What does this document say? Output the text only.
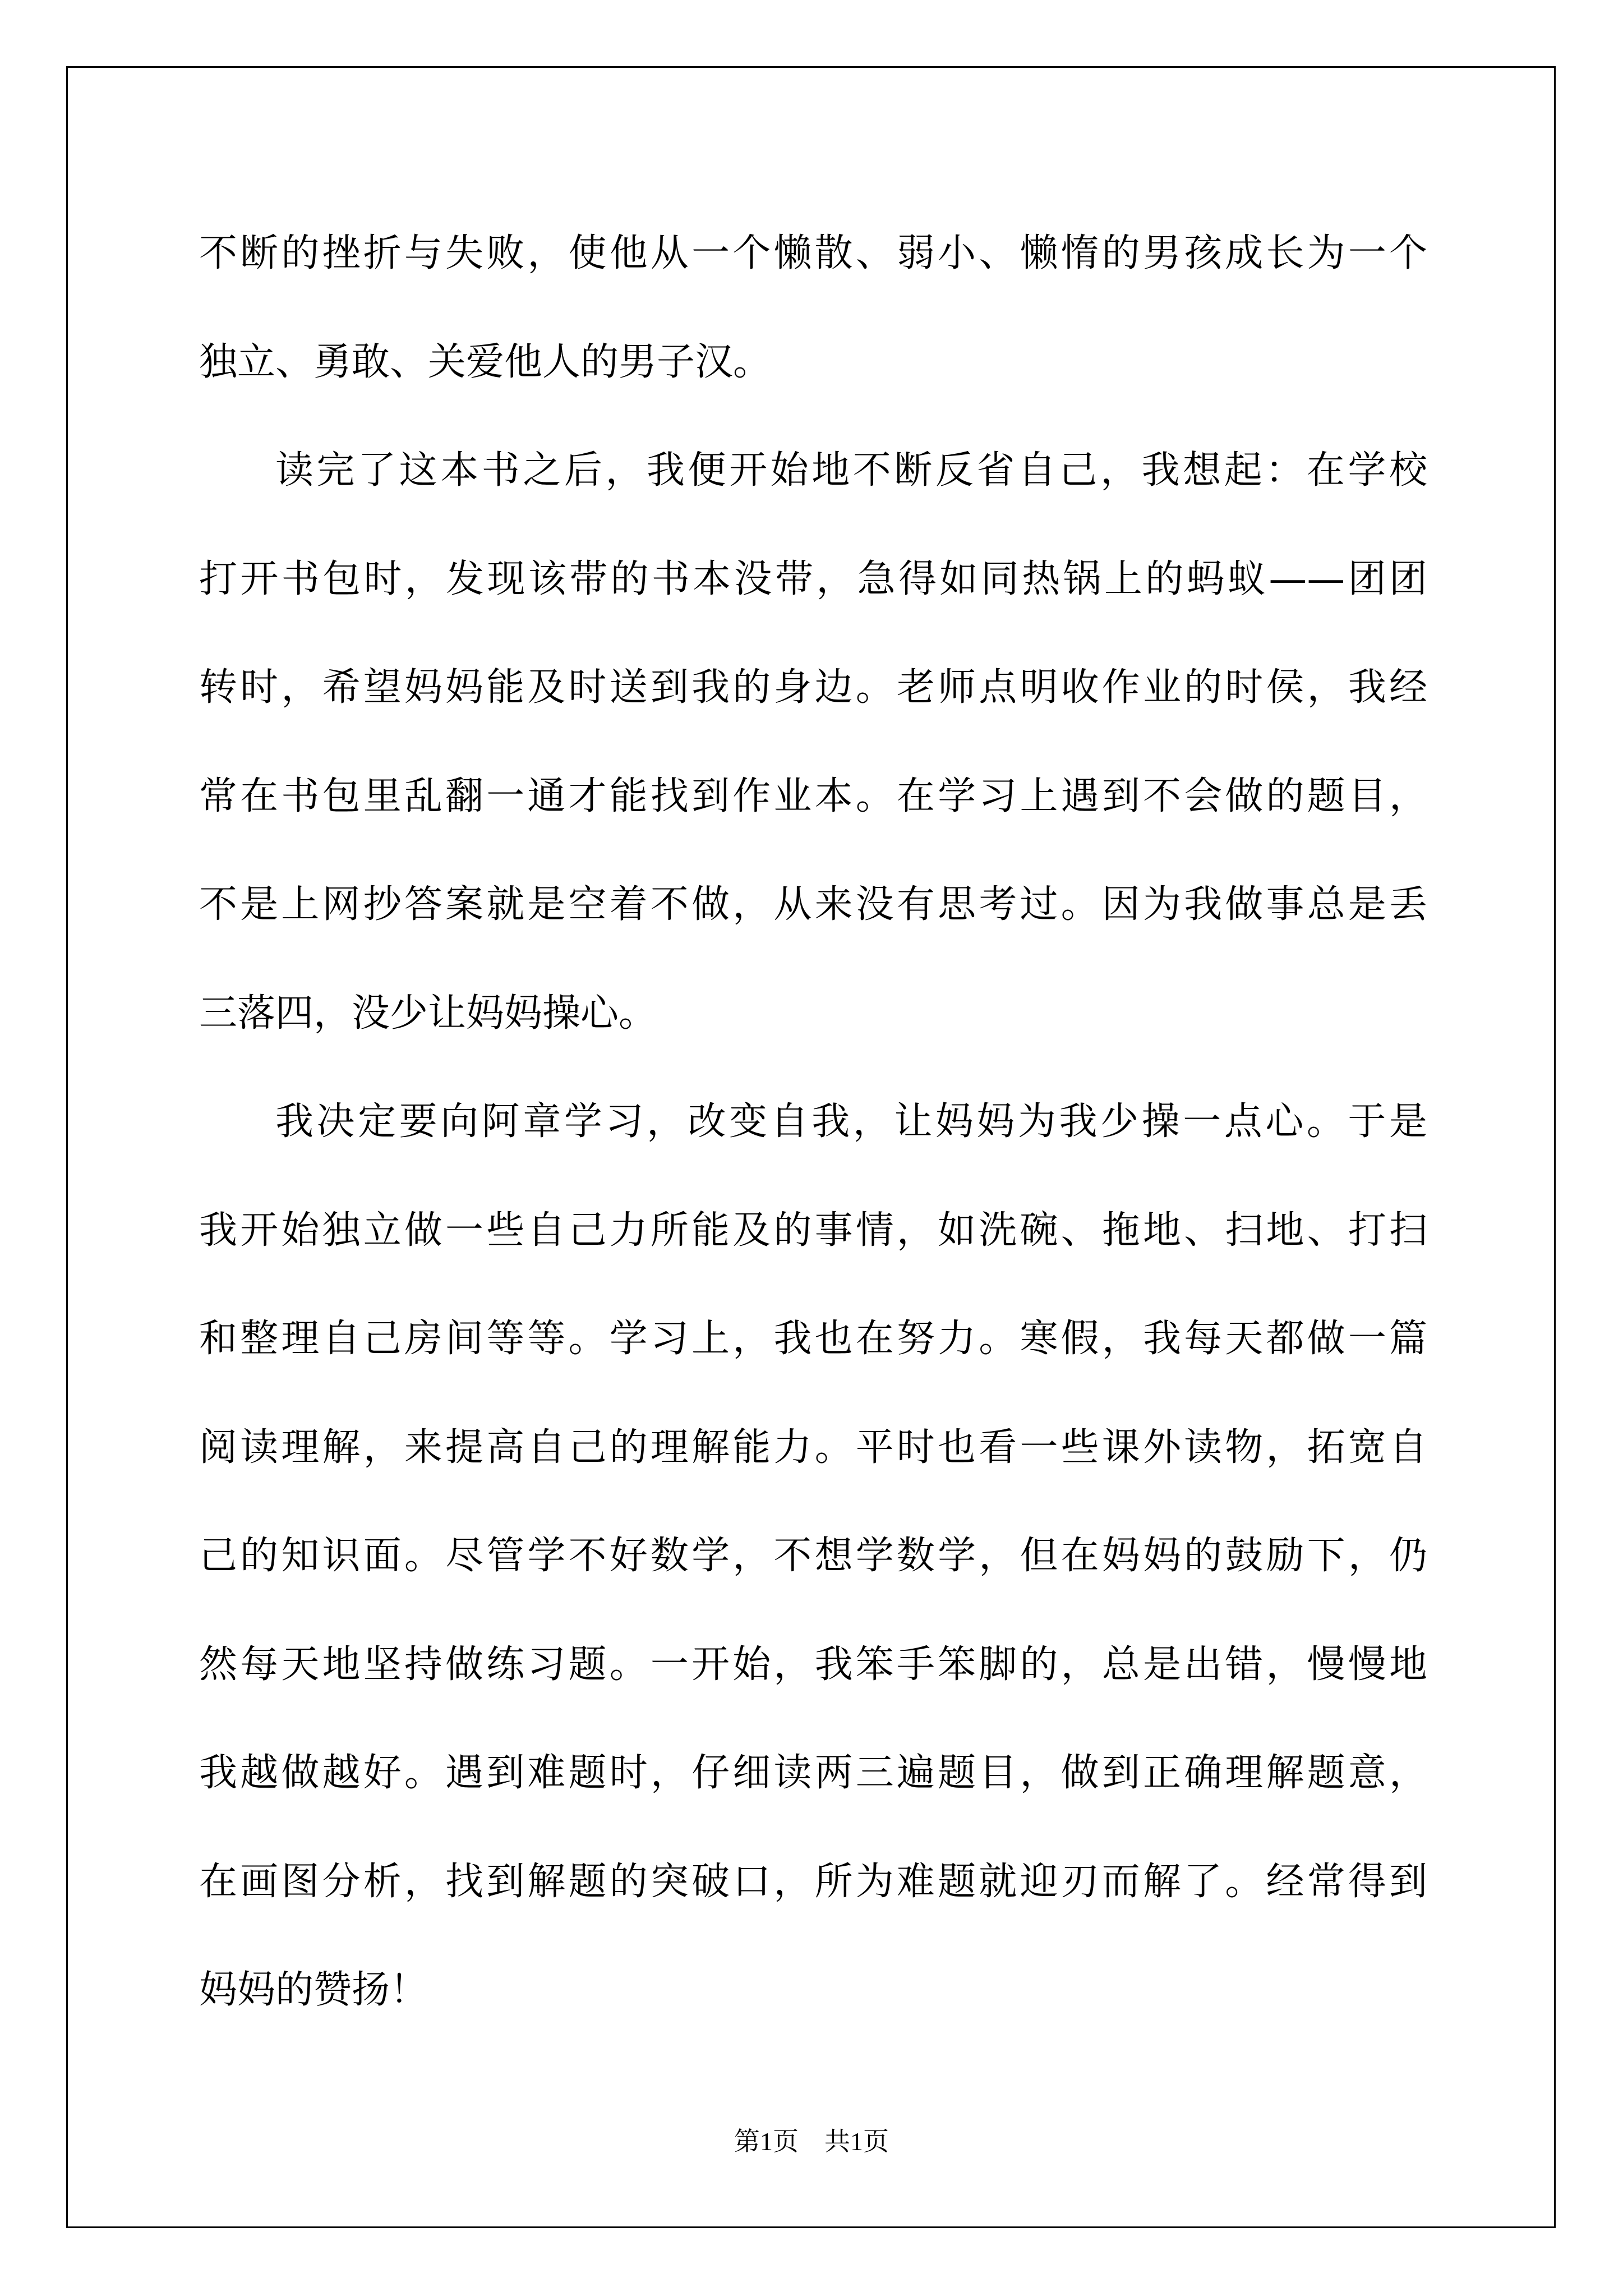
不断的挫折与失败，使他从一个懒散、弱小、懒惰的男孩成长为一个
独立、勇敢、关爱他人的男子汉。
读完了这本书之后，我便开始地不断反省自己，我想起：在学校
打开书包时，发现该带的书本没带，急得如同热锅上的蚂蚁——团团
转时，希望妈妈能及时送到我的身边。老师点明收作业的时侯，我经
常在书包里乱翻一通才能找到作业本。在学习上遇到不会做的题目，
不是上网抄答案就是空着不做，从来没有思考过。因为我做事总是丢
三落四，没少让妈妈操心。
我决定要向阿章学习，改变自我，让妈妈为我少操一点心。于是
我开始独立做一些自己力所能及的事情，如洗碗、拖地、扫地、打扫
和整理自己房间等等。学习上，我也在努力。寒假，我每天都做一篇
阅读理解，来提高自己的理解能力。平时也看一些课外读物，拓宽自
己的知识面。尽管学不好数学，不想学数学，但在妈妈的鼓励下，仍
然每天地坚持做练习题。一开始，我笨手笨脚的，总是出错，慢慢地
我越做越好。遇到难题时，仔细读两三遍题目，做到正确理解题意，
在画图分析，找到解题的突破口，所为难题就迎刃而解了。经常得到
妈妈的赞扬！
第1页 共1页
